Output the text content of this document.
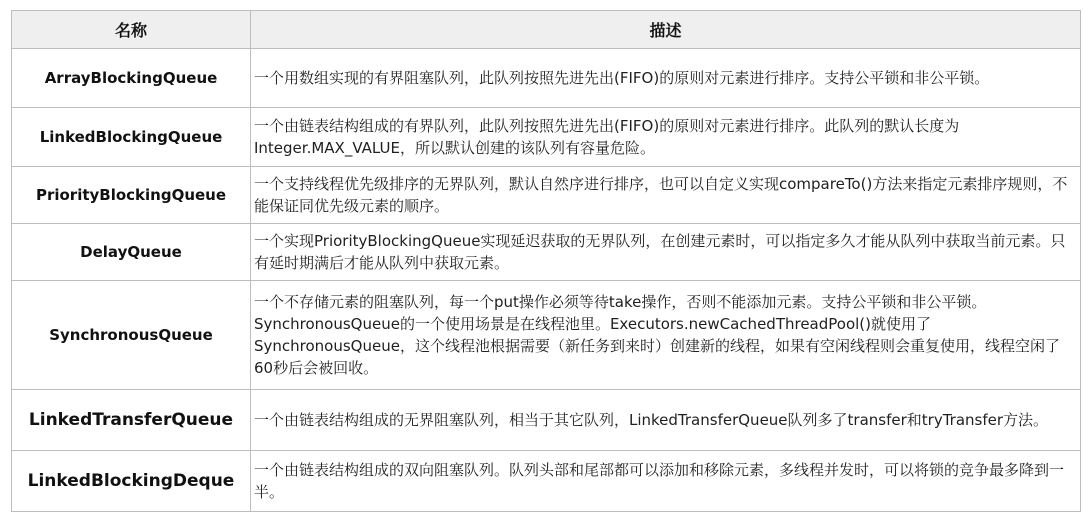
名称	描述
ArrayBlockingQueue	一个用数组实现的有界阻塞队列，此队列按照先进先出(FIFO)的原则对元素进行排序。支持公平锁和非公平锁。
LinkedBlockingQueue	一个由链表结构组成的有界队列，此队列按照先进先出(FIFO)的原则对元素进行排序。此队列的默认长度为Integer.MAX_VALUE，所以默认创建的该队列有容量危险。
PriorityBlockingQueue	一个支持线程优先级排序的无界队列，默认自然序进行排序，也可以自定义实现compareTo()方法来指定元素排序规则，不能保证同优先级元素的顺序。
DelayQueue	一个实现PriorityBlockingQueue实现延迟获取的无界队列，在创建元素时，可以指定多久才能从队列中获取当前元素。只有延时期满后才能从队列中获取元素。
SynchronousQueue	一个不存储元素的阻塞队列，每一个put操作必须等待take操作，否则不能添加元素。支持公平锁和非公平锁。SynchronousQueue的一个使用场景是在线程池里。Executors.newCachedThreadPool()就使用了SynchronousQueue，这个线程池根据需要（新任务到来时）创建新的线程，如果有空闲线程则会重复使用，线程空闲了60秒后会被回收。
LinkedTransferQueue	一个由链表结构组成的无界阻塞队列，相当于其它队列，LinkedTransferQueue队列多了transfer和tryTransfer方法。
LinkedBlockingDeque	一个由链表结构组成的双向阻塞队列。队列头部和尾部都可以添加和移除元素，多线程并发时，可以将锁的竞争最多降到一半。
